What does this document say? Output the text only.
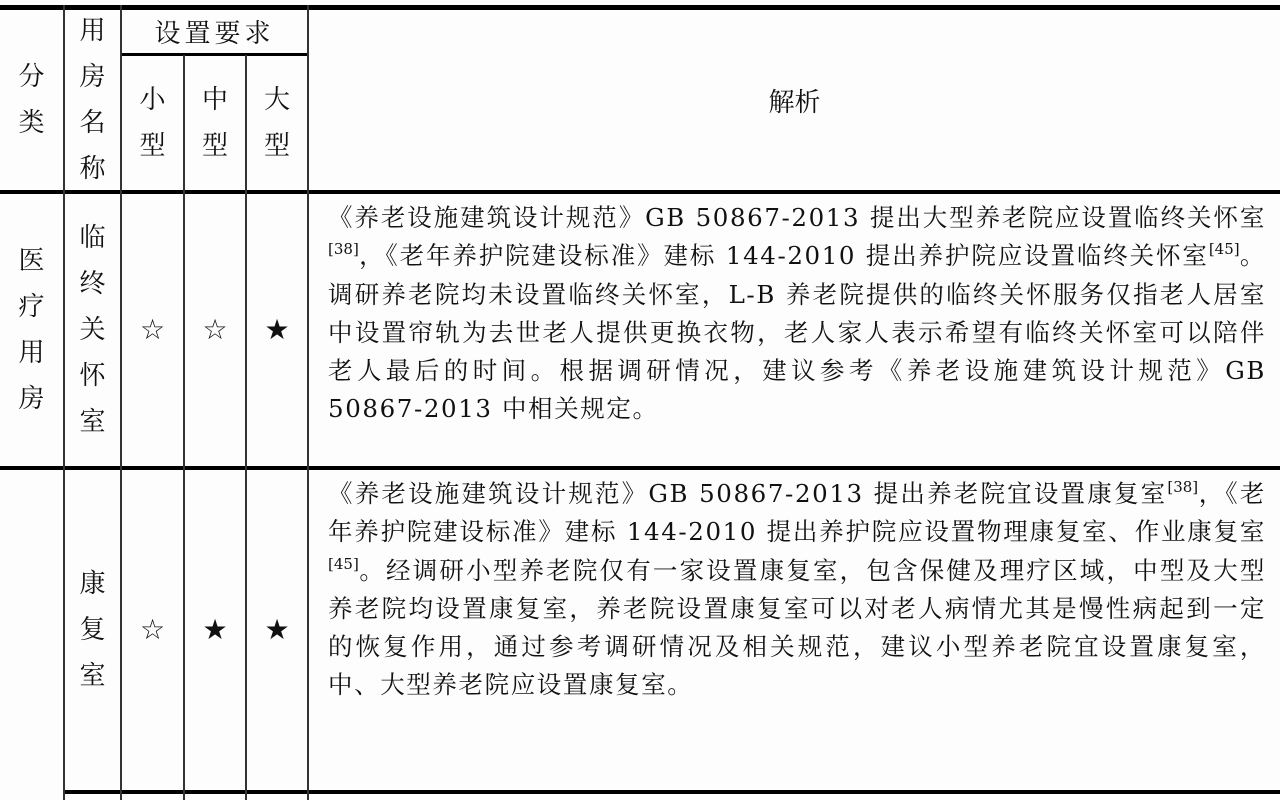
分
类
用
房
名
称
设置要求
小
型
中
型
大
型
解析
医
疗
用
房
临
终
关
怀
室
☆ ☆ ★
《养老设施建筑设计规范》GB 50867-2013 提出大型养老院应设置临终关怀室[38]，《老年养护院建设标准》建标 144-2010 提出养护院应设置临终关怀室[45]。调研养老院均未设置临终关怀室，L-B 养老院提供的临终关怀服务仅指老人居室中设置帘轨为去世老人提供更换衣物，老人家人表示希望有临终关怀室可以陪伴老人最后的时间。根据调研情况，建议参考《养老设施建筑设计规范》GB 50867-2013 中相关规定。
康
复
室
☆ ★ ★
《养老设施建筑设计规范》GB 50867-2013 提出养老院宜设置康复室[38]，《老年养护院建设标准》建标 144-2010 提出养护院应设置物理康复室、作业康复室[45]。经调研小型养老院仅有一家设置康复室，包含保健及理疗区域，中型及大型养老院均设置康复室，养老院设置康复室可以对老人病情尤其是慢性病起到一定的恢复作用，通过参考调研情况及相关规范，建议小型养老院宜设置康复室，中、大型养老院应设置康复室。
